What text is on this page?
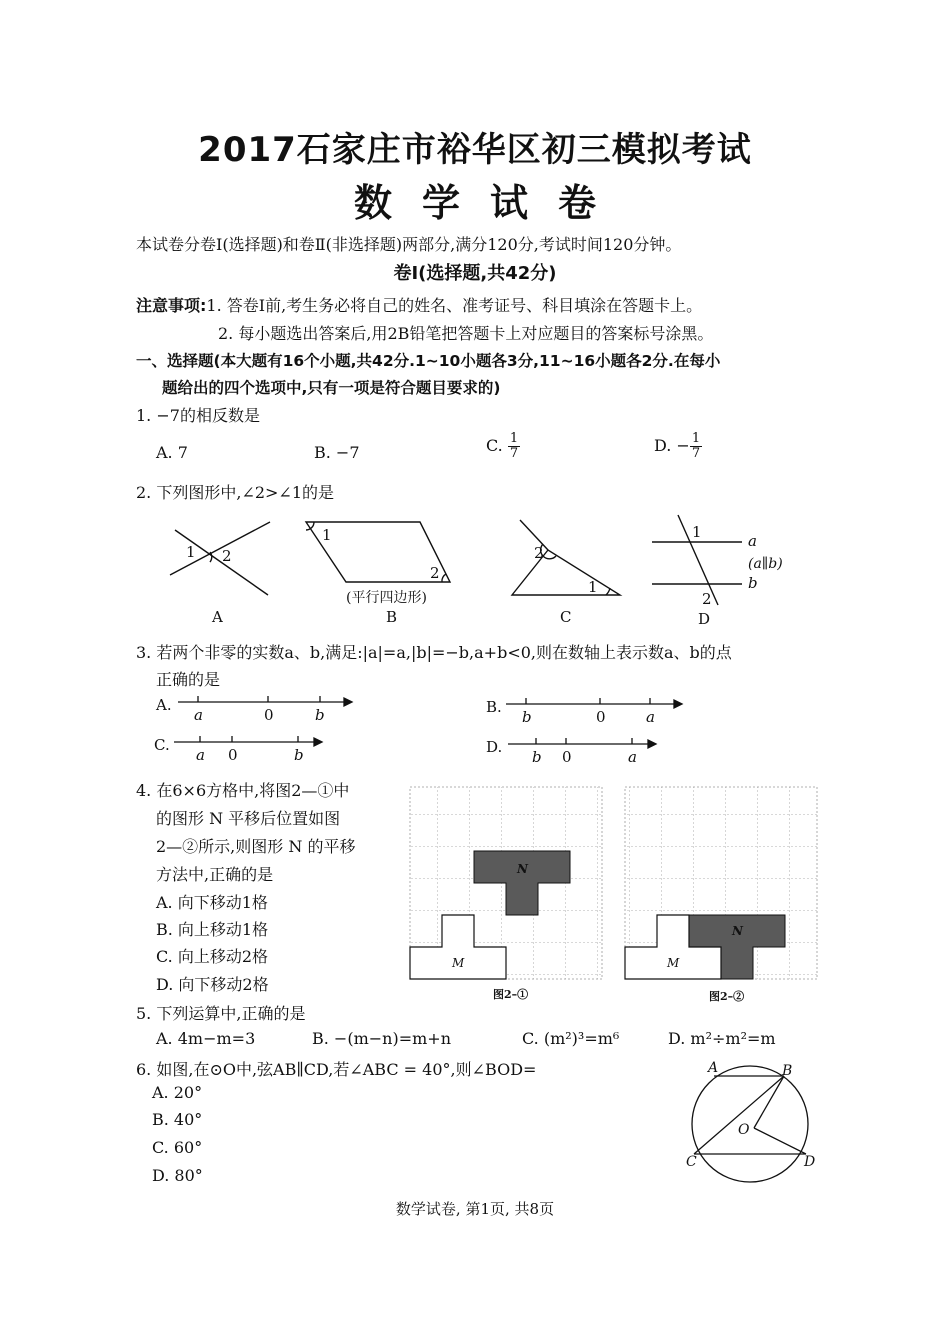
2017石家庄市裕华区初三模拟考试
数学试卷
本试卷分卷Ⅰ(选择题)和卷Ⅱ(非选择题)两部分,满分120分,考试时间120分钟。
卷Ⅰ(选择题,共42分)
注意事项:1. 答卷Ⅰ前,考生务必将自己的姓名、准考证号、科目填涂在答题卡上。
2. 每小题选出答案后,用2B铅笔把答题卡上对应题目的答案标号涂黑。
一、选择题(本大题有16个小题,共42分.1~10小题各3分,11~16小题各2分.在每小
题给出的四个选项中,只有一项是符合题目要求的)
1. −7的相反数是
A. 7	B. −7	C. $\frac{1}{7}$	D. − $\frac{1}{7}$
2. 下列图形中,∠2>∠1的是
1 2
1
2
2
1
1
2
a
(a∥b)
b
(平行四边形)
A	B	C	D
3. 若两个非零的实数a、b,满足:|a|=a,|b|=−b,a+b<0,则在数轴上表示数a、b的点
正确的是
A.
a	0	b	B.
b	0	a
C.
a 0	b	D.
b 0	a
4. 在6×6方格中,将图2—①中
的图形 N 平移后位置如图
2—②所示,则图形 N 的平移
方法中,正确的是
A. 向下移动1格
B. 向上移动1格
C. 向上移动2格
D. 向下移动2格
N
M
N
M
图2–①	图2–②
5. 下列运算中,正确的是
A. 4m−m=3	B. −(m−n)=m+n	C. (m²)³=m⁶	D. m²÷m²=m
6. 如图,在⊙O中,弦AB∥CD,若∠ABC = 40°,则∠BOD=
A. 20°
B. 40°
C. 60°
D. 80°
A	B
O
C	D
数学试卷, 第1页, 共8页
